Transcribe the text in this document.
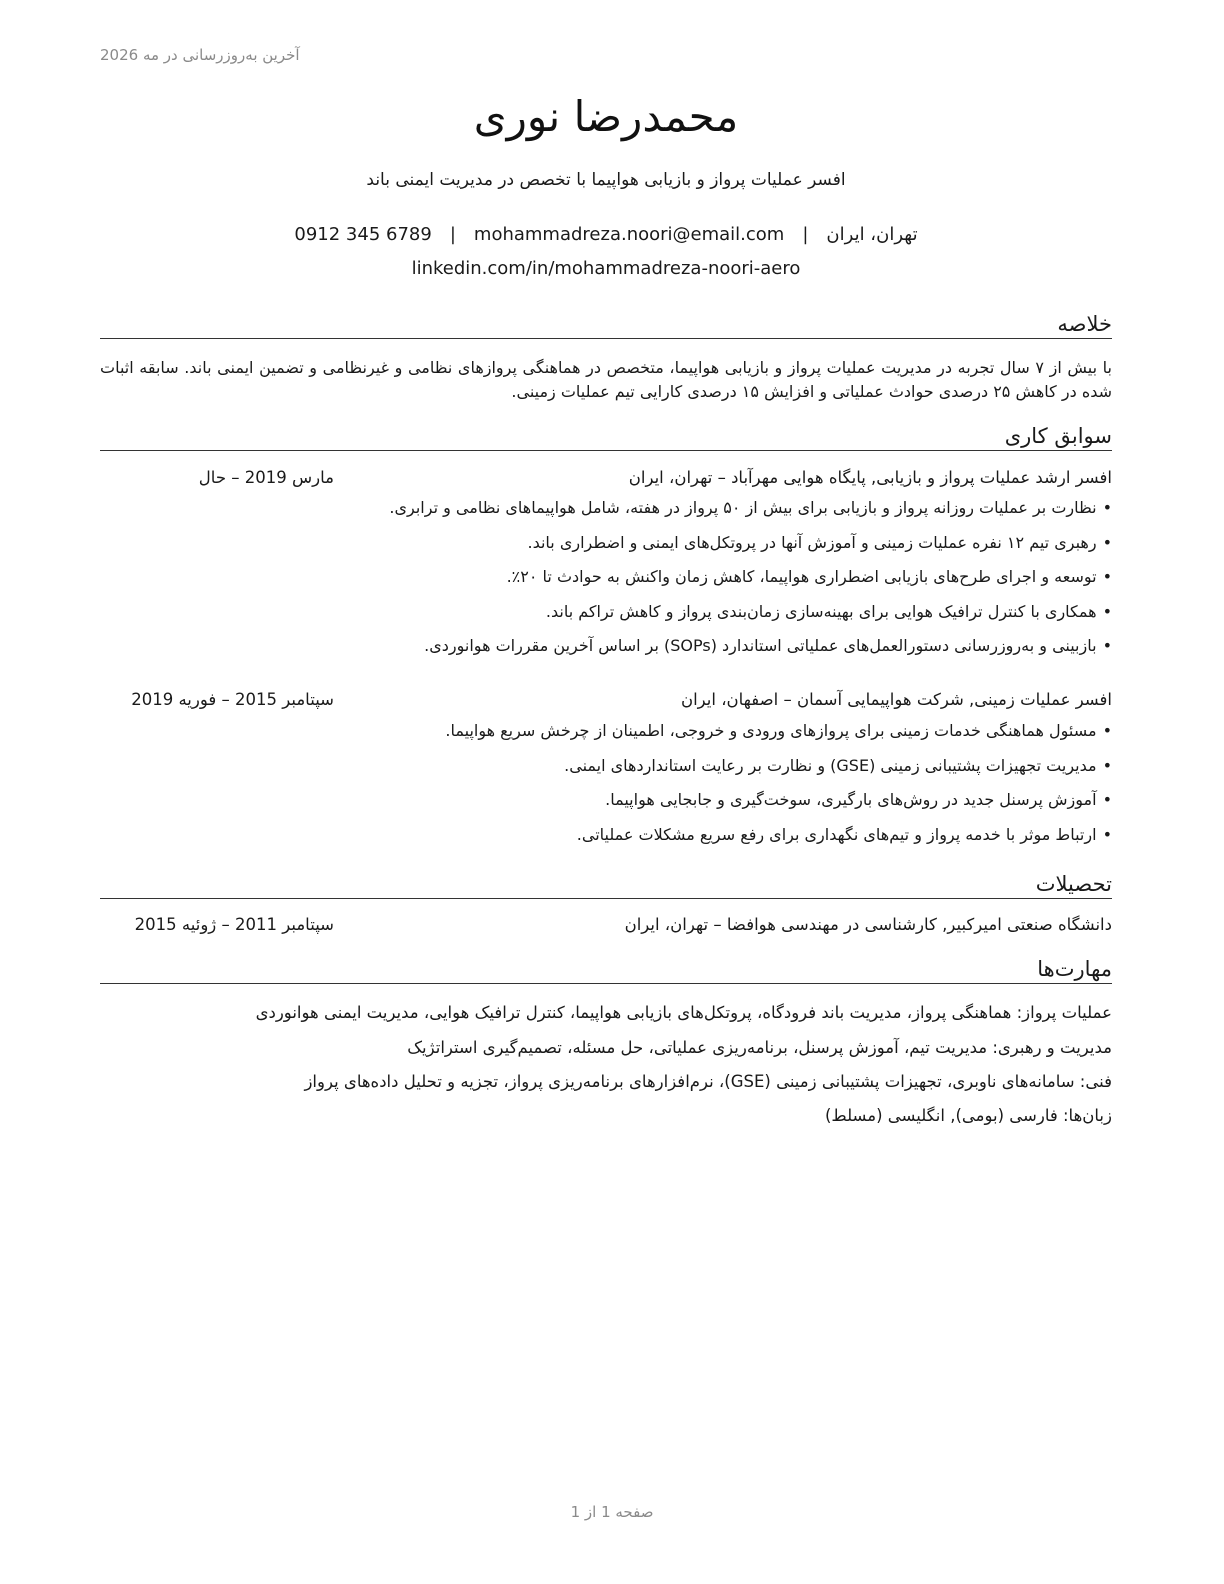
آخرین به‌روزرسانی در مه 2026
محمدرضا نوری
افسر عملیات پرواز و بازیابی هواپیما با تخصص در مدیریت ایمنی باند
تهران، ایران|mohammadreza.noori@email.com|0912 345 6789
linkedin.com/in/mohammadreza-noori-aero
خلاصه
با بیش از ۷ سال تجربه در مدیریت عملیات پرواز و بازیابی هواپیما، متخصص در هماهنگی پروازهای نظامی و غیرنظامی و تضمین ایمنی باند. سابقه اثبات شده در کاهش ۲۵ درصدی حوادث عملیاتی و افزایش ۱۵ درصدی کارایی تیم عملیات زمینی.
سوابق کاری
افسر ارشد عملیات پرواز و بازیابی, پایگاه هوایی مهرآباد – تهران، ایران
مارس 2019 – حال
• نظارت بر عملیات روزانه پرواز و بازیابی برای بیش از ۵۰ پرواز در هفته، شامل هواپیماهای نظامی و ترابری.
• رهبری تیم ۱۲ نفره عملیات زمینی و آموزش آنها در پروتکل‌های ایمنی و اضطراری باند.
• توسعه و اجرای طرح‌های بازیابی اضطراری هواپیما، کاهش زمان واکنش به حوادث تا ۲۰٪.
• همکاری با کنترل ترافیک هوایی برای بهینه‌سازی زمان‌بندی پرواز و کاهش تراکم باند.
• بازبینی و به‌روزرسانی دستورالعمل‌های عملیاتی استاندارد (SOPs) بر اساس آخرین مقررات هوانوردی.
افسر عملیات زمینی, شرکت هواپیمایی آسمان – اصفهان، ایران
سپتامبر 2015 – فوریه 2019
• مسئول هماهنگی خدمات زمینی برای پروازهای ورودی و خروجی، اطمینان از چرخش سریع هواپیما.
• مدیریت تجهیزات پشتیبانی زمینی (GSE) و نظارت بر رعایت استانداردهای ایمنی.
• آموزش پرسنل جدید در روش‌های بارگیری، سوخت‌گیری و جابجایی هواپیما.
• ارتباط موثر با خدمه پرواز و تیم‌های نگهداری برای رفع سریع مشکلات عملیاتی.
تحصیلات
دانشگاه صنعتی امیرکبیر, کارشناسی در مهندسی هوافضا – تهران، ایران
سپتامبر 2011 – ژوئیه 2015
مهارت‌ها
عملیات پرواز: هماهنگی پرواز، مدیریت باند فرودگاه، پروتکل‌های بازیابی هواپیما، کنترل ترافیک هوایی، مدیریت ایمنی هوانوردی
مدیریت و رهبری: مدیریت تیم، آموزش پرسنل، برنامه‌ریزی عملیاتی، حل مسئله، تصمیم‌گیری استراتژیک
فنی: سامانه‌های ناوبری، تجهیزات پشتیبانی زمینی (GSE)، نرم‌افزارهای برنامه‌ریزی پرواز، تجزیه و تحلیل داده‌های پرواز
زبان‌ها: فارسی (بومی), انگلیسی (مسلط)
صفحه 1 از 1
